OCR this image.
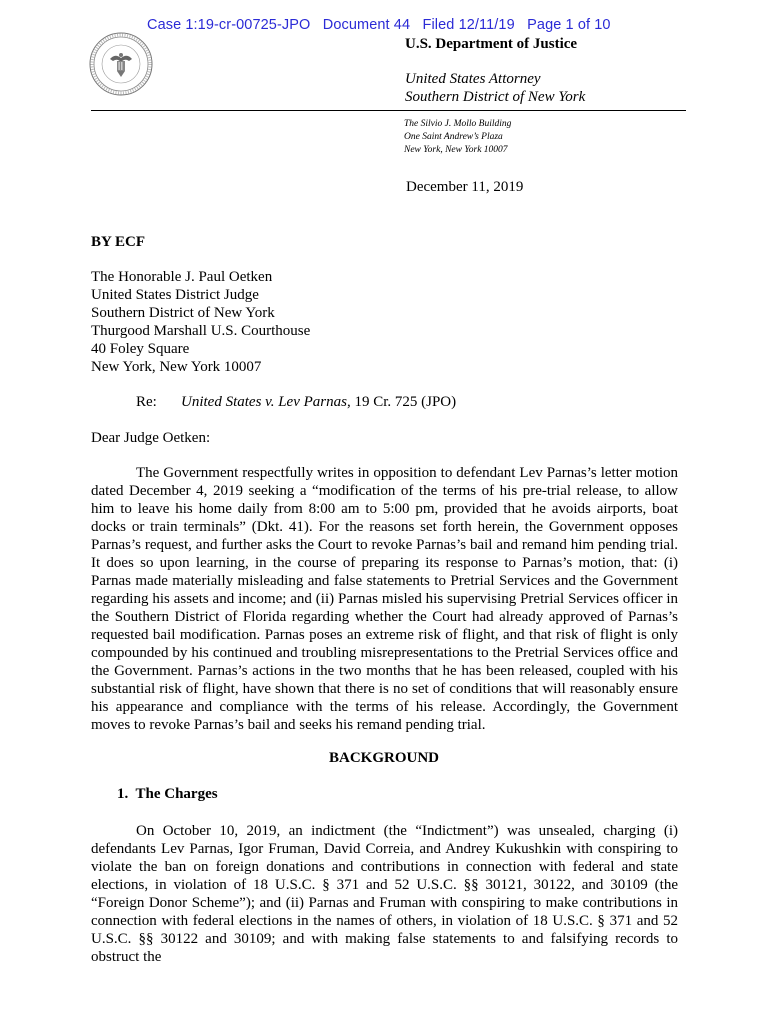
Case 1:19-cr-00725-JPO Document 44 Filed 12/11/19 Page 1 of 10
U.S. Department of Justice
United States Attorney
Southern District of New York
The Silvio J. Mollo Building
One Saint Andrew’s Plaza
New York, New York 10007
December 11, 2019
BY ECF
The Honorable J. Paul Oetken
United States District Judge
Southern District of New York
Thurgood Marshall U.S. Courthouse
40 Foley Square
New York, New York 10007
Re: United States v. Lev Parnas, 19 Cr. 725 (JPO)
Dear Judge Oetken:
The Government respectfully writes in opposition to defendant Lev Parnas’s letter motion dated December 4, 2019 seeking a “modification of the terms of his pre-trial release, to allow him to leave his home daily from 8:00 am to 5:00 pm, provided that he avoids airports, boat docks or train terminals” (Dkt. 41). For the reasons set forth herein, the Government opposes Parnas’s request, and further asks the Court to revoke Parnas’s bail and remand him pending trial. It does so upon learning, in the course of preparing its response to Parnas’s motion, that: (i) Parnas made materially misleading and false statements to Pretrial Services and the Government regarding his assets and income; and (ii) Parnas misled his supervising Pretrial Services officer in the Southern District of Florida regarding whether the Court had already approved of Parnas’s requested bail modification. Parnas poses an extreme risk of flight, and that risk of flight is only compounded by his continued and troubling misrepresentations to the Pretrial Services office and the Government. Parnas’s actions in the two months that he has been released, coupled with his substantial risk of flight, have shown that there is no set of conditions that will reasonably ensure his appearance and compliance with the terms of his release. Accordingly, the Government moves to revoke Parnas’s bail and seeks his remand pending trial.
BACKGROUND
1. The Charges
On October 10, 2019, an indictment (the “Indictment”) was unsealed, charging (i) defendants Lev Parnas, Igor Fruman, David Correia, and Andrey Kukushkin with conspiring to violate the ban on foreign donations and contributions in connection with federal and state elections, in violation of 18 U.S.C. § 371 and 52 U.S.C. §§ 30121, 30122, and 30109 (the “Foreign Donor Scheme”); and (ii) Parnas and Fruman with conspiring to make contributions in connection with federal elections in the names of others, in violation of 18 U.S.C. § 371 and 52 U.S.C. §§ 30122 and 30109; and with making false statements to and falsifying records to obstruct the
